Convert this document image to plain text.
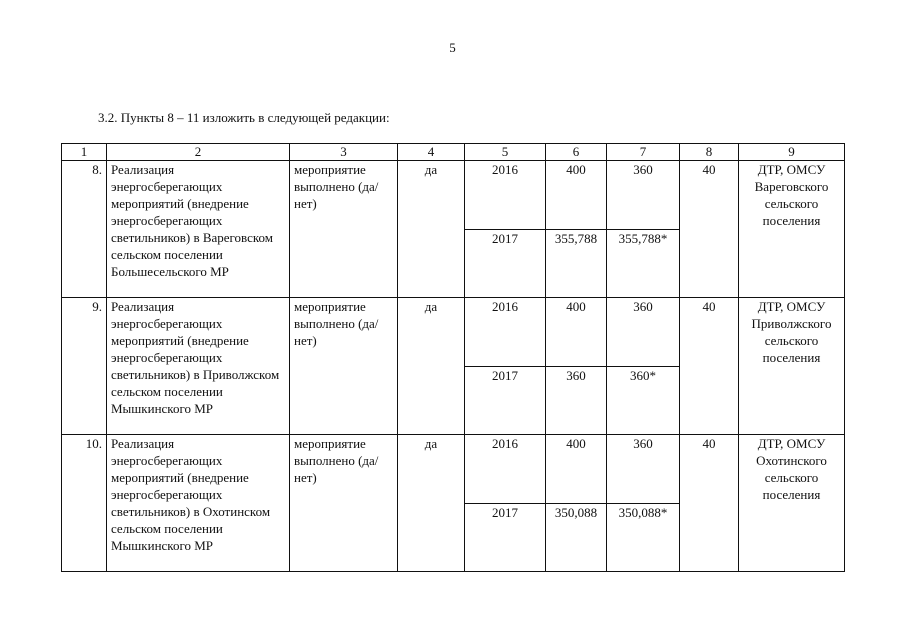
5
3.2. Пункты 8 – 11 изложить в следующей редакции:
1	2	3	4	5	6	7	8	9
8.	Реализация энергосберегающих мероприятий (внедрение энергосберегающих светильников) в Вареговском сельском поселении Большесельского МР	мероприятие выполнено (да/нет)	да	2016	400	360	40	ДТР, ОМСУ Вареговского сельского поселения
				2017	355,788	355,788*		
9.	Реализация энергосберегающих мероприятий (внедрение энергосберегающих светильников) в Приволжском сельском поселении Мышкинского МР	мероприятие выполнено (да/нет)	да	2016	400	360	40	ДТР, ОМСУ Приволжского сельского поселения
				2017	360	360*		
10.	Реализация энергосберегающих мероприятий (внедрение энергосберегающих светильников) в Охотинском сельском поселении Мышкинского МР	мероприятие выполнено (да/нет)	да	2016	400	360	40	ДТР, ОМСУ Охотинского сельского поселения
				2017	350,088	350,088*		
